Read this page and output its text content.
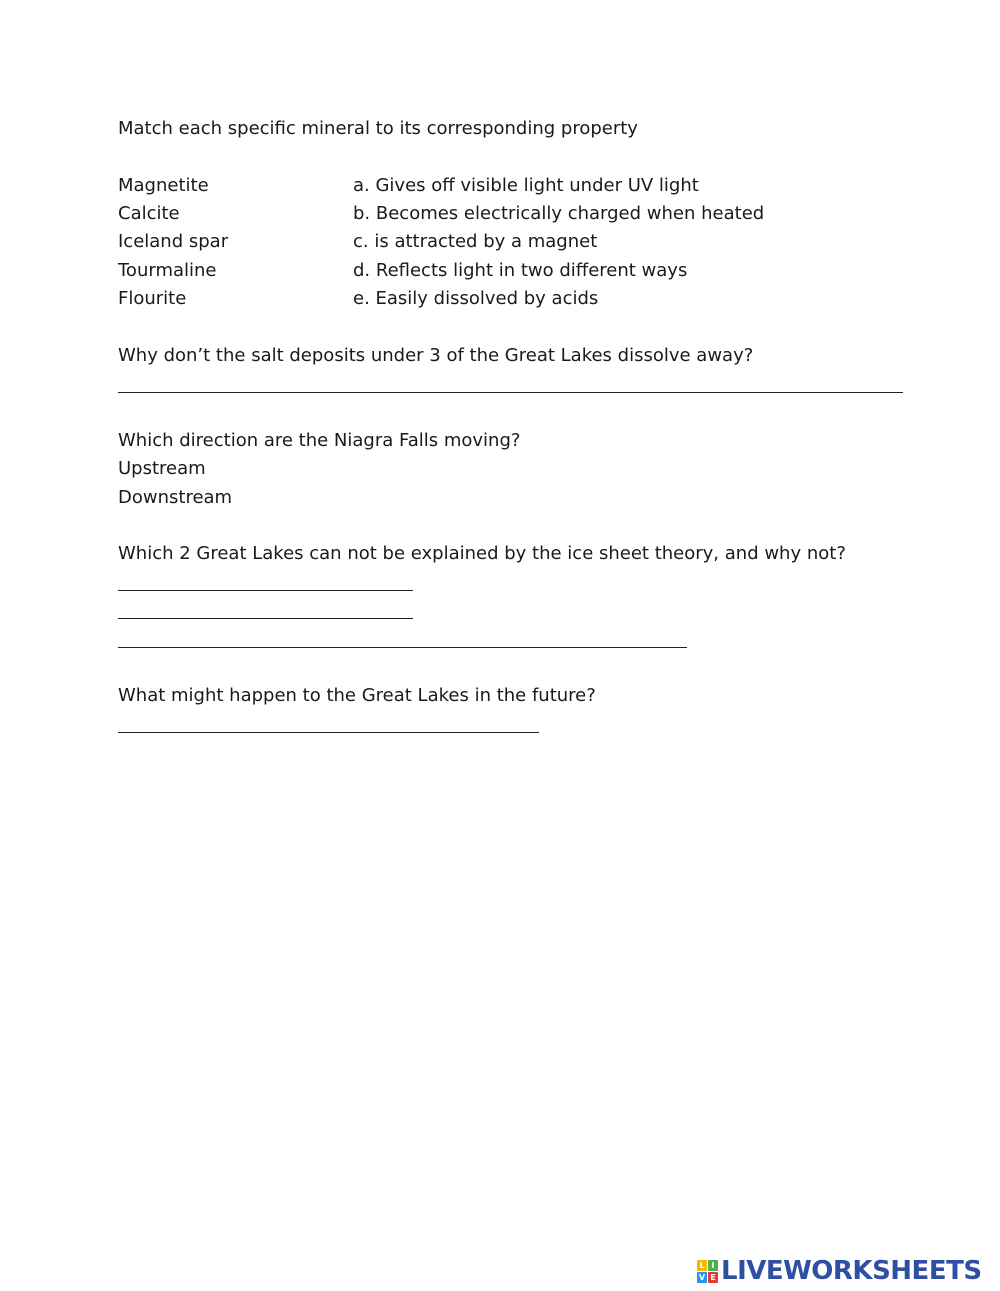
Match each specific mineral to its corresponding property
Magnetite
Calcite
Iceland spar
Tourmaline
Flourite
a. Gives off visible light under UV light
b. Becomes electrically charged when heated
c. is attracted by a magnet
d. Reflects light in two different ways
e. Easily dissolved by acids
Why don’t the salt deposits under 3 of the Great Lakes dissolve away?
Which direction are the Niagra Falls moving?
Upstream
Downstream
Which 2 Great Lakes can not be explained by the ice sheet theory, and why not?
What might happen to the Great Lakes in the future?
L I
V E LIVEWORKSHEETS
